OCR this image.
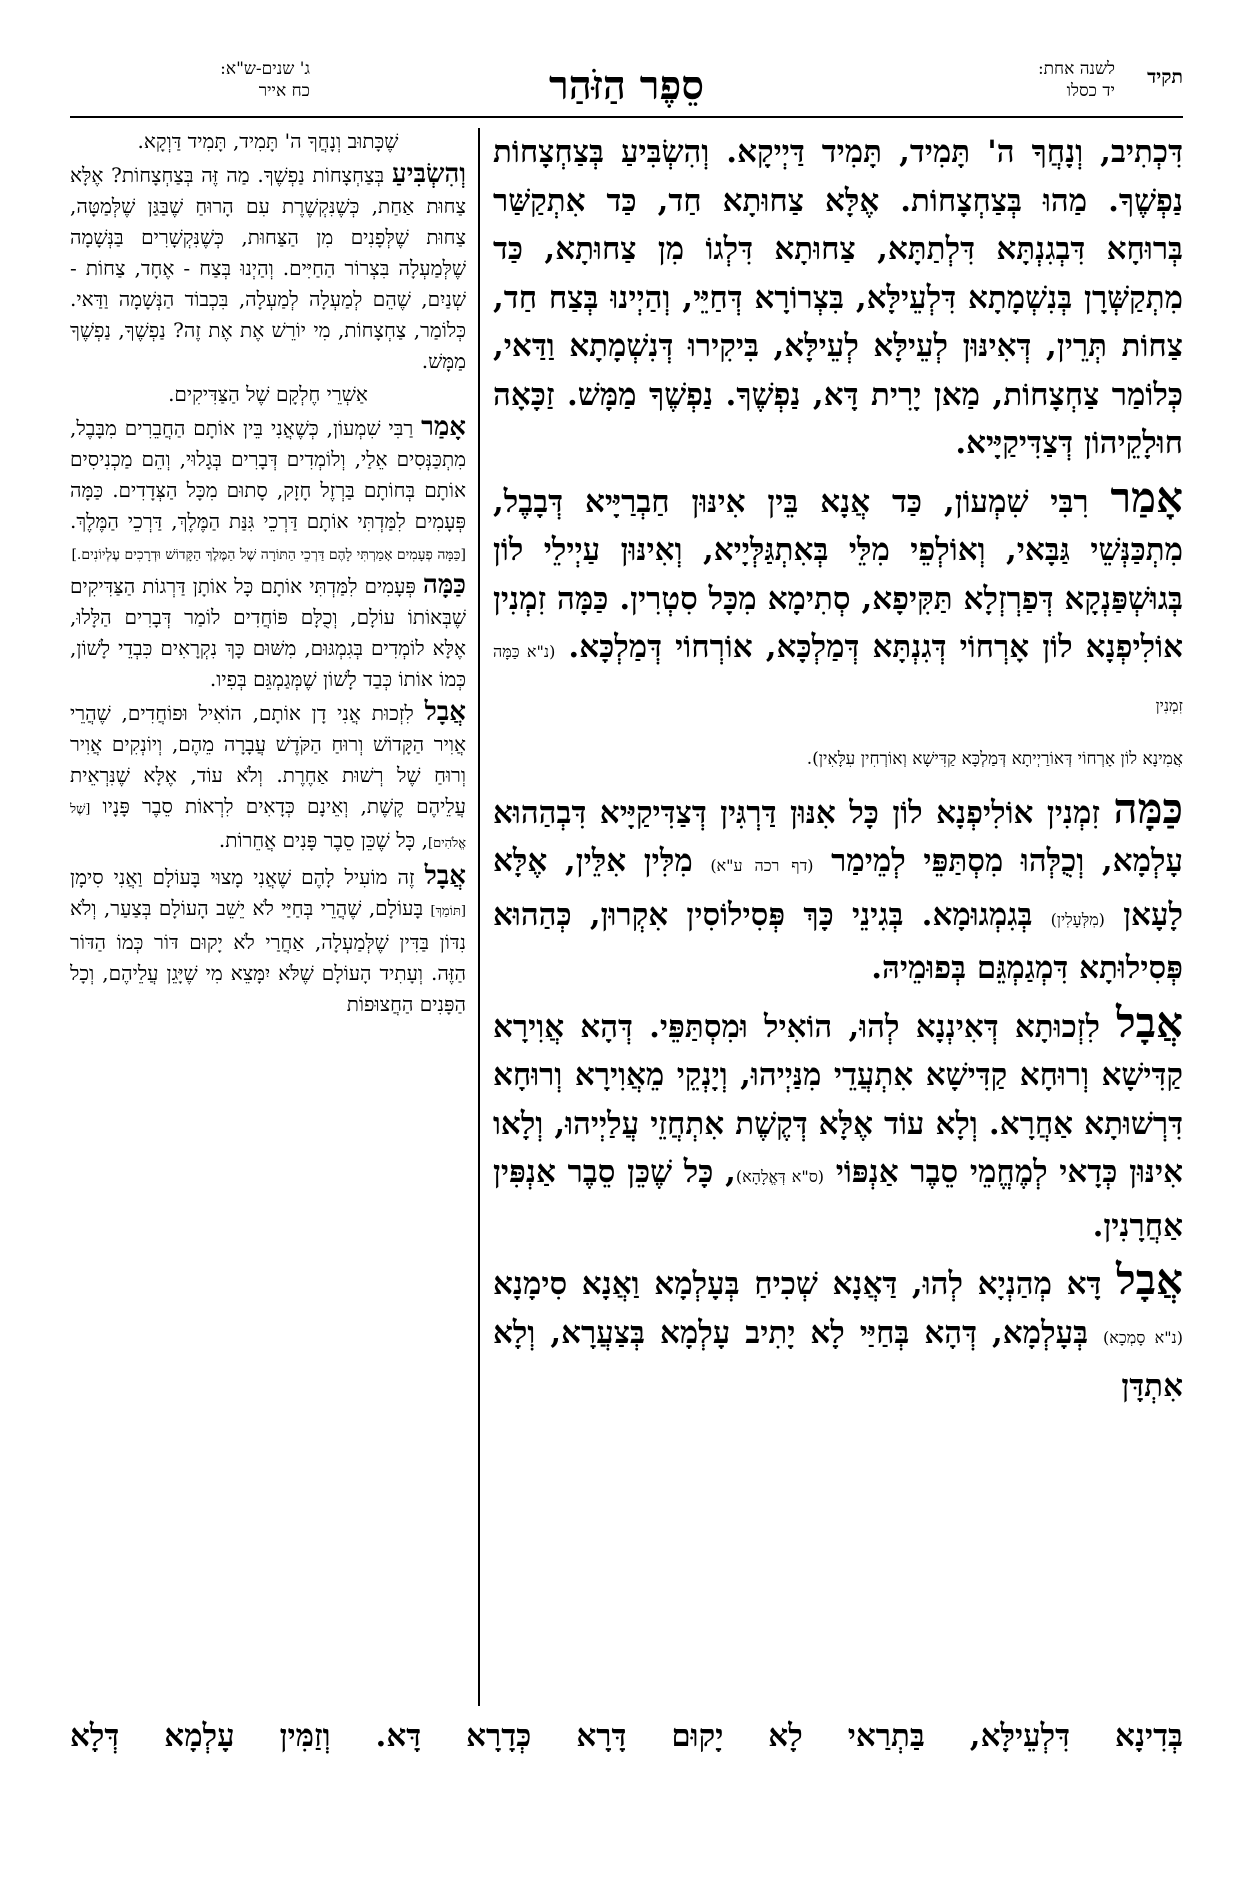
תקיד
לשנה אחת:
יד כסלו
סֵפֶר הַזֹּהַר
ג' שנים-ש"א:
כח אייר

דִּכְתִיב, וְנָחֲךָ ה' תָּמִיד, תָּמִיד דַּיְיקָא. וְהִשְׂבִּיעַ בְּצַחְצָחוֹת נַפְשֶׁךָ. מַהוּ בְּצַחְצָחוֹת. אֶלָּא צַחוּתָא חַד, כַּד אִתְקַשַּׁר בְּרוּחָא דִּבְגִנְתָּא דִּלְתַתָּא, צַחוּתָא דִּלְגוֹ מִן צַחוּתָא, כַּד מִתְקַשְּׁרָן בְּנִשְׁמָתָא דִּלְעֵילָּא, בִּצְרוֹרָא דְּחַיֵּי, וְהַיְינוּ בְּצַח חַד, צַחוֹת תְּרֵין, דְּאִינּוּן לְעֵילָּא לְעֵילָּא, בִּיקִירוּ דְּנִשְׁמָתָא וַדַּאי, כְּלוֹמַר צַחְצָחוֹת, מַאן יָרִית דָּא, נַפְשֶׁךָ. נַפְשֶׁךָ מַמָּשׁ. זַכָּאָה חוּלָקֵיהוֹן דְּצַדִּיקַיָּיא.

אָמַר רִבִּי שִׁמְעוֹן, כַּד אֲנָא בֵּין אִינּוּן חַבְרַיָּיא דְּבָבֶל, מִתְכַּנְּשֵׁי גַּבָּאי, וְאוֹלְפֵי מִלֵּי בְּאִתְגַּלְּיָיא, וְאִינּוּן עַיְילֵי לוֹן בְּגוּשְׁפַּנְקָא דְּפַרְזְלָא תַּקִּיפָא, סְתִימָא מִכָּל סִטְרִין. כַּמָּה זִמְנִין אוֹלִיפְנָא לוֹן אָרְחוֹי דְּגִנְתָּא דְּמַלְכָּא, אוֹרְחוֹי דְּמַלְכָּא. (נ"א כַּמָּה זִמְנִין
אֲמִינָא לוֹן אָרְחוֹי דְּאוֹרַיְיתָא דְּמַלְכָּא קַדִּישָׁא וְאוֹרְחִין עִלָּאִין).

כַּמָּה זִמְנִין אוֹלִיפְנָא לוֹן כָּל אִנּוּן דַּרְגִּין דְּצַדִּיקַיָּיא דִּבְהַהוּא עָלְמָא, וְכֻלְּהוּ מִסְתַּפֵּי לְמֵימַר (דף רכה ע"א) מִלִּין אִלֵּין, אֶלָּא לָעָאן (מִלְּעָלִין) בְּגִמְגוּמָא. בְּגִינֵי כָּךְ פְּסִילוֹסִין אִקְרוּן, כְּהַהוּא פְּסִילוּתָא דִּמְגַמְגֵּם בְּפוּמֵיהּ.

אֲבָל לִזְכוּתָא דְּאִינְנָא לְהוּ, הוֹאִיל וּמִסְתַּפֵּי. דְּהָא אֲוִירָא קַדִּישָׁא וְרוּחָא קַדִּישָׁא אִתְעֲדֵי מִנַּיְיהוּ, וְיָנְקֵי מֵאֲוִירָא וְרוּחָא דִּרְשׁוּתָא אַחֲרָא. וְלָא עוֹד אֶלָּא דְּקֶשֶׁת אִתְחֲזֵי עֲלַיְיהוּ, וְלָאו אִינּוּן כְּדָאי לְמֶחֱמֵי סֵבֶר אַנְפּוֹי (ס"א דְּאֱלָהָא), כָּל שֶׁכֵּן סֵבֶר אַנְפִּין אַחֲרָנִין.

אֲבָל דָּא מְהַנְיָא לְהוּ, דַּאֲנָא שְׁכִיחַ בְּעָלְמָא וַאֲנָא סִימָנָא (נ"א סָמְכָא) בְּעָלְמָא, דְּהָא בְּחַיַּי לָא יָתִיב עָלְמָא בְּצַעֲרָא, וְלָא אִתְדָּן

שֶׁכָּתוּב וְנָחֲךָ ה' תָּמִיד, תָּמִיד דַּוְקָא.

וְהִשְׂבִּיעַ בְּצַחְצָחוֹת נַפְשֶׁךָ. מַה זֶּה בְּצַחְצָחוֹת? אֶלָּא צַחוּת אַחַת, כְּשֶׁנִּקְשֶׁרֶת עִם הָרוּחַ שֶׁבַּגַּן שֶׁלְּמַטָּה, צַחוּת שֶׁלְּפָנִים מִן הַצַּחוּת, כְּשֶׁנִּקְשָׁרִים בַּנְּשָׁמָה שֶׁלְּמַעְלָה בִּצְרוֹר הַחַיִּים. וְהַיְנוּ בְּצַח - אֶחָד, צַחוֹת - שְׁנַיִם, שֶׁהֵם לְמַעְלָה לְמַעְלָה, בִּכְבוֹד הַנְּשָׁמָה וַדַּאי. כְּלוֹמַר, צַחְצָחוֹת, מִי יוֹרֵשׁ אֶת אֶת זֶה? נַפְשֶׁךָ, נַפְשֶׁךָ מַמָּשׁ.

אַשְׁרֵי חֶלְקָם שֶׁל הַצַּדִּיקִים.

אָמַר רַבִּי שִׁמְעוֹן, כְּשֶׁאֲנִי בֵּין אוֹתָם הַחֲבֵרִים מִבָּבֶל, מִתְכַּנְּסִים אֵלַי, וְלוֹמְדִים דְּבָרִים בְּגָלוּי, וְהֵם מַכְנִיסִים אוֹתָם בְּחוֹתָם בַּרְזֶל חָזָק, סָתוּם מִכָּל הַצְּדָדִים. כַּמָּה פְּעָמִים לִמַּדְתִּי אוֹתָם דַּרְכֵי גִּנַּת הַמֶּלֶךְ, דַּרְכֵי הַמֶּלֶךְ. [כַּמָּה פְעָמִים אָמַרְתִּי לָהֶם דַּרְכֵי הַתּוֹרָה שֶׁל הַמֶּלֶךְ הַקָּדוֹשׁ וּדְרָכִים עֶלְיוֹנִים.]

כַּמָּה פְּעָמִים לִמַּדְתִּי אוֹתָם כָּל אוֹתָן דַּרְגוֹת הַצַּדִּיקִים שֶׁבְּאוֹתוֹ עוֹלָם, וְכֻלָּם פּוֹחֲדִים לוֹמַר דְּבָרִים הַלָּלוּ, אֶלָּא לוֹמְדִים בְּגִמְגּוּם, מִשּׁוּם כָּךְ נִקְרָאִים כִּבְדֵי לָשׁוֹן, כְּמוֹ אוֹתוֹ כְּבַד לָשׁוֹן שֶׁמְּגַמְגֵּם בְּפִיו.

אֲבָל לִזְכוּת אֲנִי דָן אוֹתָם, הוֹאִיל וּפוֹחֲדִים, שֶׁהֲרֵי אֲוִיר הַקָּדוֹשׁ וְרוּחַ הַקֹּדֶשׁ עֲבָרָה מֵהֶם, וְיוֹנְקִים אֲוִיר וְרוּחַ שֶׁל רְשׁוּת אַחֶרֶת. וְלֹא עוֹד, אֶלָּא שֶׁנִּרְאֵית עֲלֵיהֶם קֶשֶׁת, וְאֵינָם כְּדָאִים לִרְאוֹת סֵבֶר פָּנָיו [שֶׁל אֱלֹהִים], כָּל שֶׁכֵּן סֵבֶר פָּנִים אֲחֵרוֹת.

אֲבָל זֶה מוֹעִיל לָהֶם שֶׁאֲנִי מָצוּי בָּעוֹלָם וַאֲנִי סִימָן [תּוֹמֵךְ] בָּעוֹלָם, שֶׁהֲרֵי בְּחַיַּי לֹא יֵשֵׁב הָעוֹלָם בְּצַעַר, וְלֹא נִדּוֹן בַּדִּין שֶׁלְּמַעְלָה, אַחֲרַי לֹא יָקוּם דּוֹר כְּמוֹ הַדּוֹר הַזֶּה. וְעָתִיד הָעוֹלָם שֶׁלֹּא יִמָּצֵא מִי שֶׁיָּגֵן עֲלֵיהֶם, וְכָל הַפָּנִים הַחֲצוּפוֹת

בְּדִינָא דִּלְעֵילָּא, בַּתְרַאי לָא יָקוּם דָּרָא כְּדָרָא דָּא. וְזַמִּין עָלְמָא דְּלָא
